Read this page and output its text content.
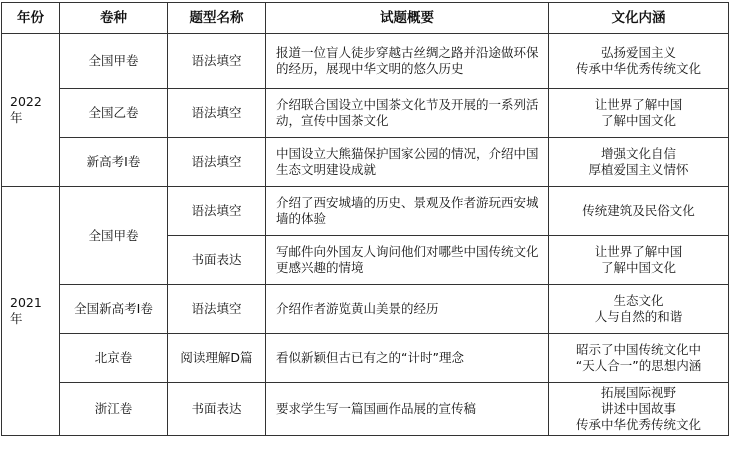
年份	卷种	题型名称	试题概要	文化内涵
2022年	全国甲卷	语法填空	报道一位盲人徒步穿越古丝绸之路并沿途做环保的经历，展现中华文明的悠久历史	弘扬爱国主义
传承中华优秀传统文化
	全国乙卷	语法填空	介绍联合国设立中国茶文化节及开展的一系列活动，宣传中国茶文化	让世界了解中国
了解中国文化
	新高考I卷	语法填空	中国设立大熊猫保护国家公园的情况，介绍中国生态文明建设成就	增强文化自信
厚植爱国主义情怀
2021年	全国甲卷	语法填空	介绍了西安城墙的历史、景观及作者游玩西安城墙的体验	传统建筑及民俗文化
		书面表达	写邮件向外国友人询问他们对哪些中国传统文化更感兴趣的情境	让世界了解中国
了解中国文化
	全国新高考I卷	语法填空	介绍作者游览黄山美景的经历	生态文化
人与自然的和谐
	北京卷	阅读理解D篇	看似新颖但古已有之的“计时”理念	昭示了中国传统文化中
“天人合一”的思想内涵
	浙江卷	书面表达	要求学生写一篇国画作品展的宣传稿	拓展国际视野
讲述中国故事
传承中华优秀传统文化
